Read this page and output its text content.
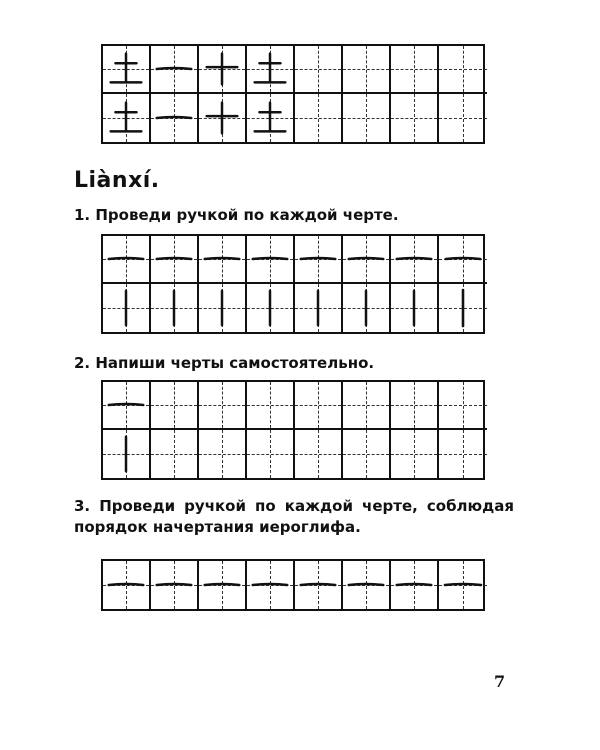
Liànxí.
1. Проведи ручкой по каждой черте.
2. Напиши черты самостоятельно.
3. Проведи ручкой по каждой черте, соблюдая порядок начертания иероглифа.
7
